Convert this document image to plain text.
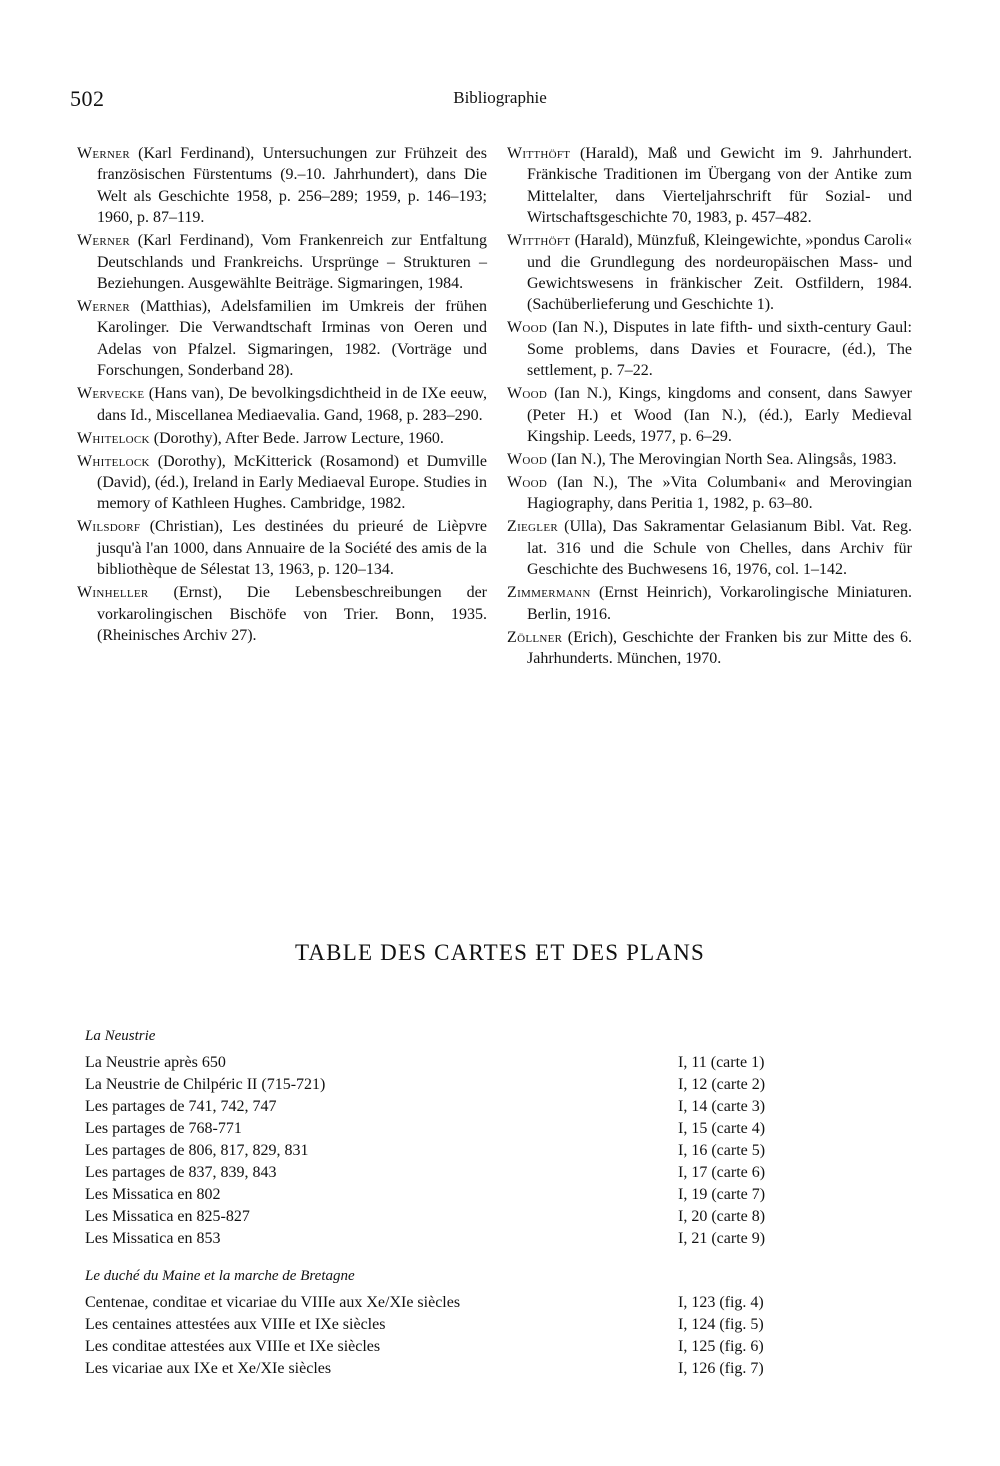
502	Bibliographie
Werner (Karl Ferdinand), Untersuchungen zur Frühzeit des französischen Fürstentums (9.–10. Jahrhundert), dans Die Welt als Geschichte 1958, p. 256–289; 1959, p. 146–193; 1960, p. 87–119.
Werner (Karl Ferdinand), Vom Frankenreich zur Entfaltung Deutschlands und Frankreichs. Ursprünge – Strukturen – Beziehungen. Ausgewählte Beiträge. Sigmaringen, 1984.
Werner (Matthias), Adelsfamilien im Umkreis der frühen Karolinger. Die Verwandtschaft Irminas von Oeren und Adelas von Pfalzel. Sigmaringen, 1982. (Vorträge und Forschungen, Sonderband 28).
Wervecke (Hans van), De bevolkingsdichtheid in de IXe eeuw, dans Id., Miscellanea Mediaevalia. Gand, 1968, p. 283–290.
Whitelock (Dorothy), After Bede. Jarrow Lecture, 1960.
Whitelock (Dorothy), McKitterick (Rosamond) et Dumville (David), (éd.), Ireland in Early Mediaeval Europe. Studies in memory of Kathleen Hughes. Cambridge, 1982.
Wilsdorf (Christian), Les destinées du prieuré de Lièpvre jusqu'à l'an 1000, dans Annuaire de la Société des amis de la bibliothèque de Sélestat 13, 1963, p. 120–134.
Winheller (Ernst), Die Lebensbeschreibungen der vorkarolingischen Bischöfe von Trier. Bonn, 1935. (Rheinisches Archiv 27).
Witthöft (Harald), Maß und Gewicht im 9. Jahrhundert. Fränkische Traditionen im Übergang von der Antike zum Mittelalter, dans Vierteljahrschrift für Sozial- und Wirtschaftsgeschichte 70, 1983, p. 457–482.
Witthöft (Harald), Münzfuß, Kleingewichte, »pondus Caroli« und die Grundlegung des nordeuropäischen Mass- und Gewichtswesens in fränkischer Zeit. Ostfildern, 1984. (Sachüberlieferung und Geschichte 1).
Wood (Ian N.), Disputes in late fifth- und sixth-century Gaul: Some problems, dans Davies et Fouracre, (éd.), The settlement, p. 7–22.
Wood (Ian N.), Kings, kingdoms and consent, dans Sawyer (Peter H.) et Wood (Ian N.), (éd.), Early Medieval Kingship. Leeds, 1977, p. 6–29.
Wood (Ian N.), The Merovingian North Sea. Alingsås, 1983.
Wood (Ian N.), The »Vita Columbani« and Merovingian Hagiography, dans Peritia 1, 1982, p. 63–80.
Ziegler (Ulla), Das Sakramentar Gelasianum Bibl. Vat. Reg. lat. 316 und die Schule von Chelles, dans Archiv für Geschichte des Buchwesens 16, 1976, col. 1–142.
Zimmermann (Ernst Heinrich), Vorkarolingische Miniaturen. Berlin, 1916.
Zöllner (Erich), Geschichte der Franken bis zur Mitte des 6. Jahrhunderts. München, 1970.
TABLE DES CARTES ET DES PLANS
La Neustrie
La Neustrie après 650	I, 11 (carte 1)
La Neustrie de Chilpéric II (715-721)	I, 12 (carte 2)
Les partages de 741, 742, 747	I, 14 (carte 3)
Les partages de 768-771	I, 15 (carte 4)
Les partages de 806, 817, 829, 831	I, 16 (carte 5)
Les partages de 837, 839, 843	I, 17 (carte 6)
Les Missatica en 802	I, 19 (carte 7)
Les Missatica en 825-827	I, 20 (carte 8)
Les Missatica en 853	I, 21 (carte 9)
Le duché du Maine et la marche de Bretagne
Centenae, conditae et vicariae du VIIIe aux Xe/XIe siècles	I, 123 (fig. 4)
Les centaines attestées aux VIIIe et IXe siècles	I, 124 (fig. 5)
Les conditae attestées aux VIIIe et IXe siècles	I, 125 (fig. 6)
Les vicariae aux IXe et Xe/XIe siècles	I, 126 (fig. 7)
